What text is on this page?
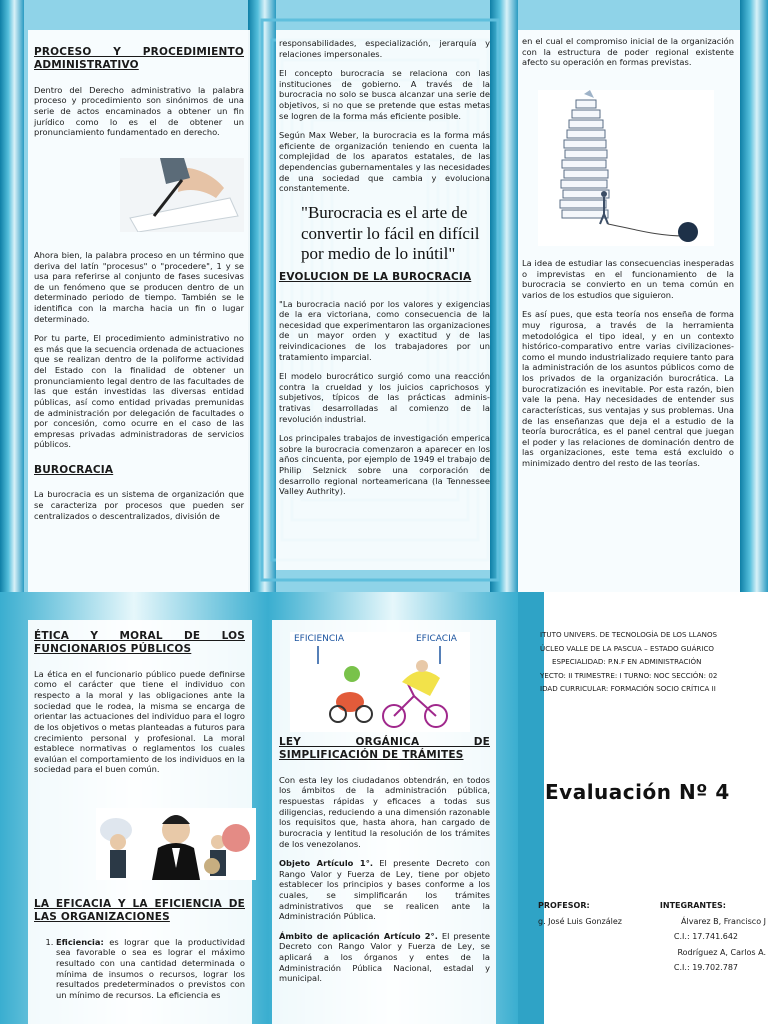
PROCESO Y PROCEDIMIENTO ADMINISTRATIVO

Dentro del Derecho administrativo la palabra proceso y procedimiento son sinónimos de una serie de actos encaminados a obtener un fin jurídico como lo es el de obtener un pronunciamiento fundamentado en derecho.

Ahora bien, la palabra proceso en un término que deriva del latín "procesus" o "procedere", 1 y se usa para referirse al conjunto de fases sucesivas de un fenómeno que se producen dentro de un determinado periodo de tiempo. También se le identifica con la marcha hacia un fin o lugar determinado.

Por tu parte, El procedimiento administrativo no es más que la secuencia ordenada de actuaciones que se realizan dentro de la poliforme actividad del Estado con la finalidad de obtener un pronunciamiento legal dentro de las facultades de las que están investidas las diversas entidad públicas, así como entidad privadas premunidas de administración por delegación de facultades o por concesión, como ocurre en el caso de las empresas privadas administradoras de servicios públicos.

BUROCRACIA

La burocracia es un sistema de organización que se caracteriza por procesos que pueden ser centralizados o descentralizados, división de

responsabilidades, especialización, jerarquía y relaciones impersonales.

El concepto burocracia se relaciona con las instituciones de gobierno. A través de la burocracia no solo se busca alcanzar una serie de objetivos, si no que se pretende que estas metas se logren de la forma más eficiente posible.

Según Max Weber, la burocracia es la forma más eficiente de organización teniendo en cuenta la complejidad de los aparatos estatales, de las dependencias gubernamentales y las necesidades de una sociedad que cambia y evoluciona constantemente.

"Burocracia es el arte de convertir lo fácil en difícil por medio de lo inútil"
EVOLUCION DE LA BUROCRACIA

"La burocracia nació por los valores y exigencias de la era victoriana, como consecuencia de la necesidad que experimentaron las organizaciones de un mayor orden y exactitud y de las reivindicaciones de los trabajadores por un tratamiento imparcial.

El modelo burocrático surgió como una reacción contra la crueldad y los juicios caprichosos y subjetivos, típicos de las prácticas adminis-trativas desarrolladas al comienzo de la revolución industrial.

Los principales trabajos de investigación emperica sobre la burocracia comenzaron a aparecer en los años cincuenta, por ejemplo de 1949 el trabajo de Philip Selznick sobre una corporación de desarrollo regional norteamericana (la Tennessee Valley Authrity).

en el cual el compromiso inicial de la organización con la estructura de poder regional existente afecto su operación en formas previstas.

La idea de estudiar las consecuencias inesperadas o imprevistas en el funcionamiento de la burocracia se convierto en un tema común en varios de los estudios que siguieron.

Es así pues, que esta teoría nos enseña de forma muy rigurosa, a través de la herramienta metodológica el tipo ideal, y en un contexto histórico-comparativo entre varias civilizaciones-como el mundo industrializado requiere tanto para la administración de los asuntos públicos como de los privados de la organización burocrática. La burocratización es inevitable. Por esta razón, bien vale la pena. Hay necesidades de entender sus características, sus ventajas y sus problemas. Una de las enseñanzas que deja el a estudio de la teoría burocrática, es el panel central que juegan el poder y las relaciones de dominación dentro de las organizaciones, este tema está excluido o minimizado dentro del resto de las teorías.

ÉTICA Y MORAL DE LOS FUNCIONARIOS PÚBLICOS

La ética en el funcionario público puede definirse como el carácter que tiene el individuo con respecto a la moral y las obligaciones ante la sociedad que le rodea, la misma se encarga de orientar las actuaciones del individuo para el logro de los objetivos o metas planteadas a futuros para crecimiento personal y profesional. La moral establece normativas o reglamentos los cuales evalúan el comportamiento de los individuos en la sociedad para el buen común.

LA EFICACIA Y LA EFICIENCIA DE LAS ORGANIZACIONES
1. Eficiencia: es lograr que la productividad sea favorable o sea es lograr el máximo resultado con una cantidad determinada o mínima de insumos o recursos, lograr los resultados predeterminados o previstos con un mínimo de recursos. La eficiencia es
EFICIENCIA	EFICACIA
LEY ORGÁNICA DE SIMPLIFICACIÓN DE TRÁMITES

Con esta ley los ciudadanos obtendrán, en todos los ámbitos de la administración pública, respuestas rápidas y eficaces a todas sus diligencias, reduciendo a una dimensión razonable los requisitos que, hasta ahora, han cargado de burocracia y lentitud la resolución de los trámites de los venezolanos.

Objeto Artículo 1°. El presente Decreto con Rango Valor y Fuerza de Ley, tiene por objeto establecer los principios y bases conforme a los cuales, se simplificarán los trámites administrativos que se realicen ante la Administración Pública.

Ámbito de aplicación Artículo 2°. El presente Decreto con Rango Valor y Fuerza de Ley, se aplicará a los órganos y entes de la Administración Pública Nacional, estadal y municipal.

ITUTO UNIVERS. DE TECNOLOGÍA DE LOS LLANOS
ÚCLEO VALLE DE LA PASCUA – ESTADO GUÁRICO
ESPECIALIDAD: P.N.F EN ADMINISTRACIÓN
YECTO: II TRIMESTRE: I TURNO: NOC SECCIÓN: 02
IDAD CURRICULAR: FORMACIÓN SOCIO CRÍTICA II
Evaluación Nº 4
PROFESOR:	INTEGRANTES:
g. José Luis González	Álvarez B, Francisco J
C.I.: 17.741.642
Rodríguez A, Carlos A.
C.I.: 19.702.787
